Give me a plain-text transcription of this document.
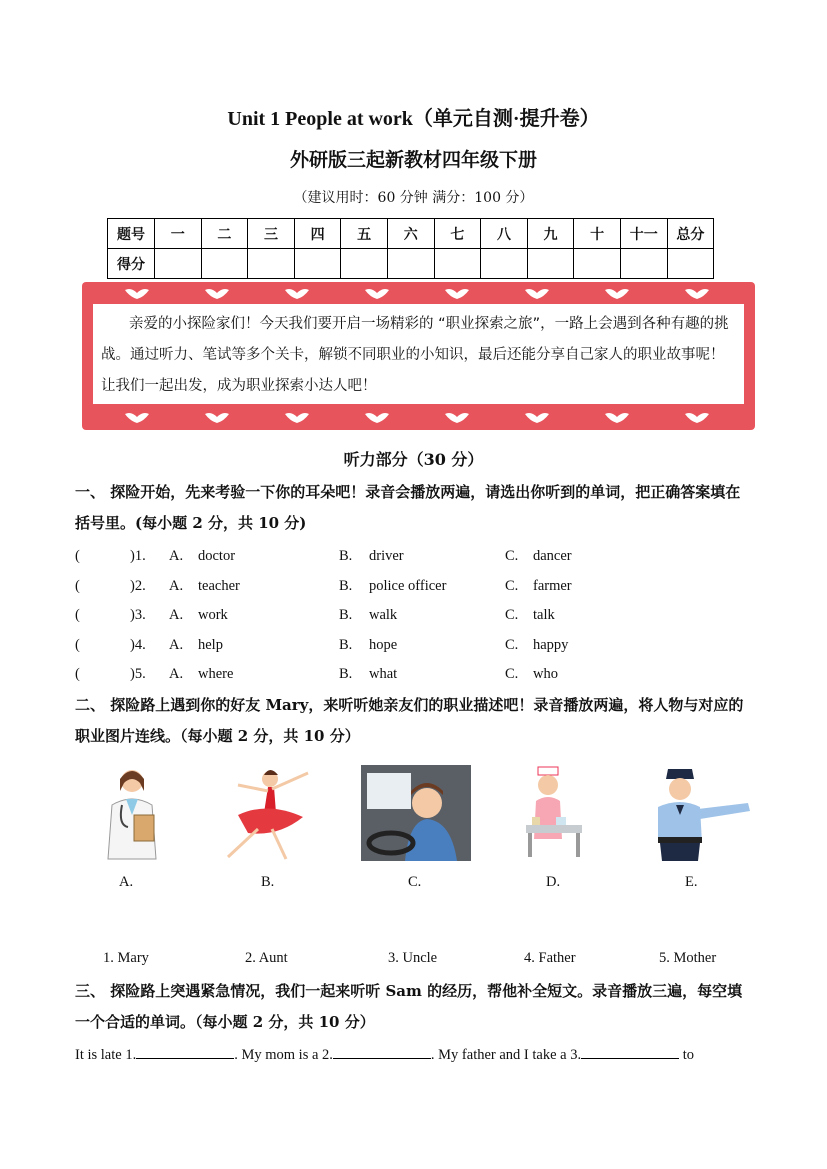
Unit 1 People at work（单元自测·提升卷）
外研版三起新教材四年级下册
（建议用时：60 分钟 满分：100 分）
题号	一	二	三	四	五	六	七	八	九	十	十一	总分
得分												
亲爱的小探险家们！今天我们要开启一场精彩的 “职业探索之旅”，一路上会遇到各种有趣的挑战。通过听力、笔试等多个关卡，解锁不同职业的小知识，最后还能分享自己家人的职业故事呢！让我们一起出发，成为职业探索小达人吧！
听力部分（30 分）
一、 探险开始，先来考验一下你的耳朵吧！录音会播放两遍，请选出你听到的单词，把正确答案填在括号里。(每小题 2 分，共 10 分)
(	)1. A. doctor	B. driver	C. dancer
(	)2. A. teacher	B. police officer	C. farmer
(	)3. A. work	B. walk	C. talk
(	)4. A. help	B. hope	C. happy
(	)5. A. where	B. what	C. who
二、 探险路上遇到你的好友 Mary，来听听她亲友们的职业描述吧！录音播放两遍，将人物与对应的职业图片连线。（每小题 2 分，共 10 分）
A.	B.	C.	D.	E.
1. Mary	2. Aunt	3. Uncle	4. Father	5. Mother
三、 探险路上突遇紧急情况，我们一起来听听 Sam 的经历，帮他补全短文。录音播放三遍，每空填一个合适的单词。（每小题 2 分，共 10 分）
It is late 1.	. My mom is a 2.	. My father and I take a 3.	to
